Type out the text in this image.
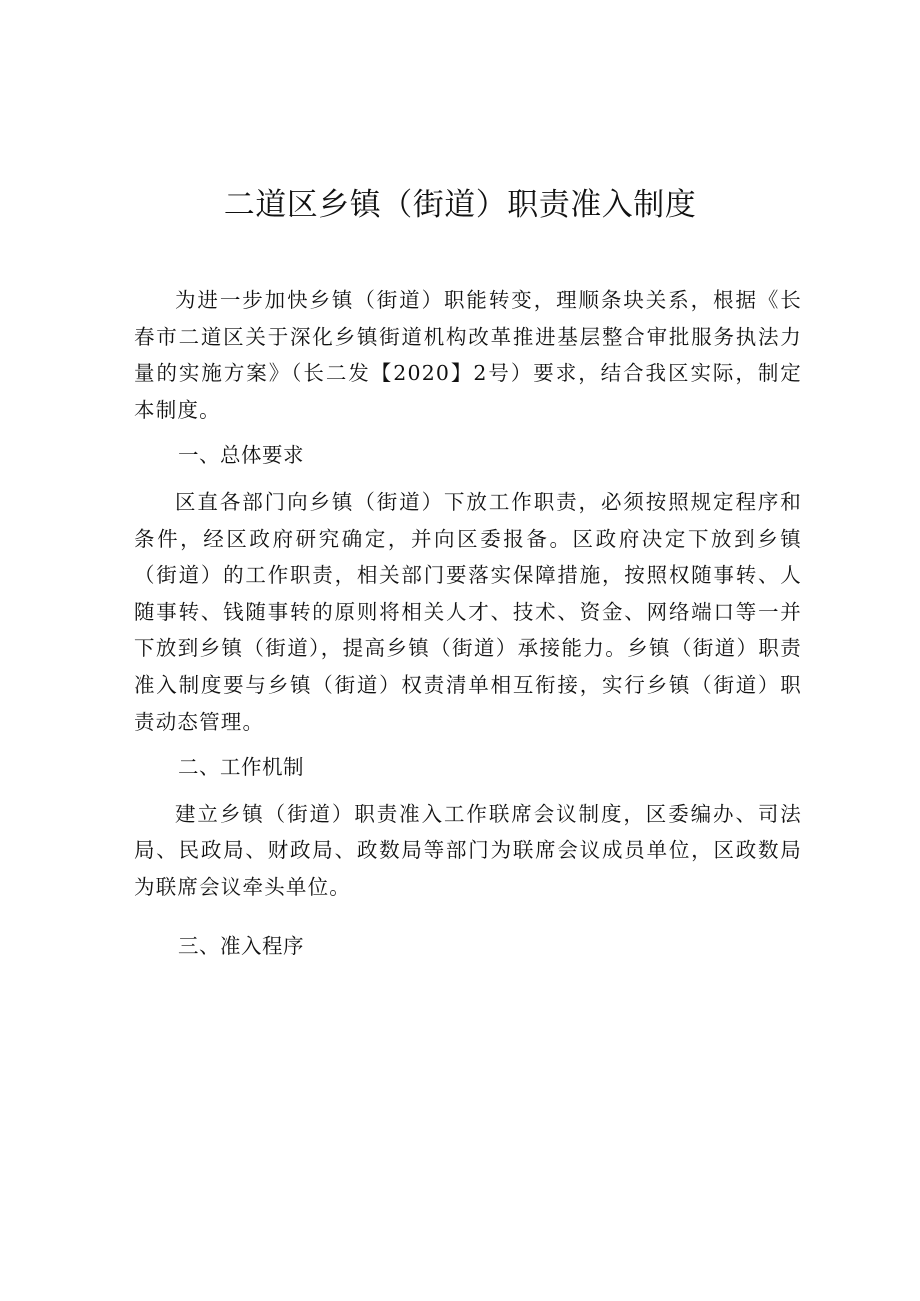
二道区乡镇（街道）职责准入制度

为进一步加快乡镇（街道）职能转变，理顺条块关系，根据《长春市二道区关于深化乡镇街道机构改革推进基层整合审批服务执法力量的实施方案》（长二发【2020】2号）要求，结合我区实际，制定本制度。

一、总体要求

区直各部门向乡镇（街道）下放工作职责，必须按照规定程序和条件，经区政府研究确定，并向区委报备。区政府决定下放到乡镇（街道）的工作职责，相关部门要落实保障措施，按照权随事转、人随事转、钱随事转的原则将相关人才、技术、资金、网络端口等一并下放到乡镇（街道），提高乡镇（街道）承接能力。乡镇（街道）职责准入制度要与乡镇（街道）权责清单相互衔接，实行乡镇（街道）职责动态管理。

二、工作机制

建立乡镇（街道）职责准入工作联席会议制度，区委编办、司法局、民政局、财政局、政数局等部门为联席会议成员单位，区政数局为联席会议牵头单位。

三、准入程序
